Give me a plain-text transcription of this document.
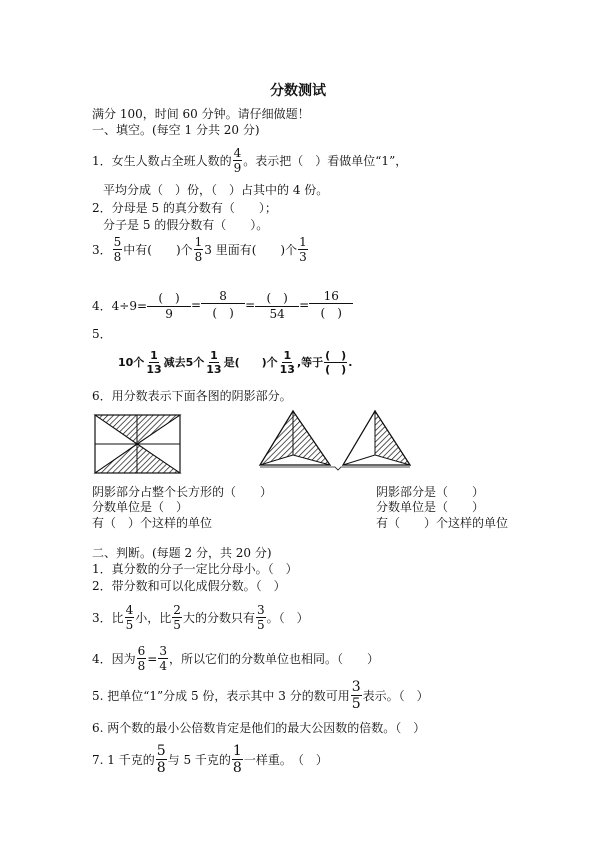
分数测试
满分 100，时间 60 分钟。请仔细做题！
一、填空。(每空 1 分共 20 分)
1． 女生人数占全班人数的 $\frac{4}{9}$ 。表示把（　）看做单位“1”，
平均分成（　）份，（　）占其中的 4 份。
2．分母是 5 的真分数有（　　）；
分子是 5 的假分数有（　　）。
3． $\frac{5}{8}$ 中有(　　)个 $\frac{1}{8} 3$ 里面有(　　)个 $\frac{1}{3}$
4．4÷9=
(　)
9
=
8
(　)
= (　)
54
=
16
(　)
5．
10个 $\frac{1}{13}$ 减去5个 $\frac{1}{13}$ 是(　　)个 $\frac{1}{13}$ ,等于 $\frac{( )}{( )}$ .
6．用分数表示下面各图的阴影部分。
阴影部分占整个长方形的（　　）
分数单位是（　）
有（　）个这样的单位
阴影部分是（　　）
分数单位是（　　）
有（　　）个这样的单位
二、判断。(每题 2 分，共 20 分)
1．真分数的分子一定比分母小。（　）
2．带分数和可以化成假分数。（　）
3．比 $\frac{4}{5}$ 小，比 $\frac{2}{5}$ 大的分数只有 $\frac{3}{5}$ 。（　）
4．因为 $\frac{6}{8} = \frac{3}{4}$ ，所以它们的分数单位也相同。（　　）
5. 把单位“1”分成 5 份，表示其中 3 分的数可用 $\frac{3}{5}$ 表示。（　）
6. 两个数的最小公倍数肯定是他们的最大公因数的倍数。（　）
7. 1 千克的 $\frac{5}{8}$ 与 5 千克的 $\frac{1}{8}$ 一样重。　（　）
